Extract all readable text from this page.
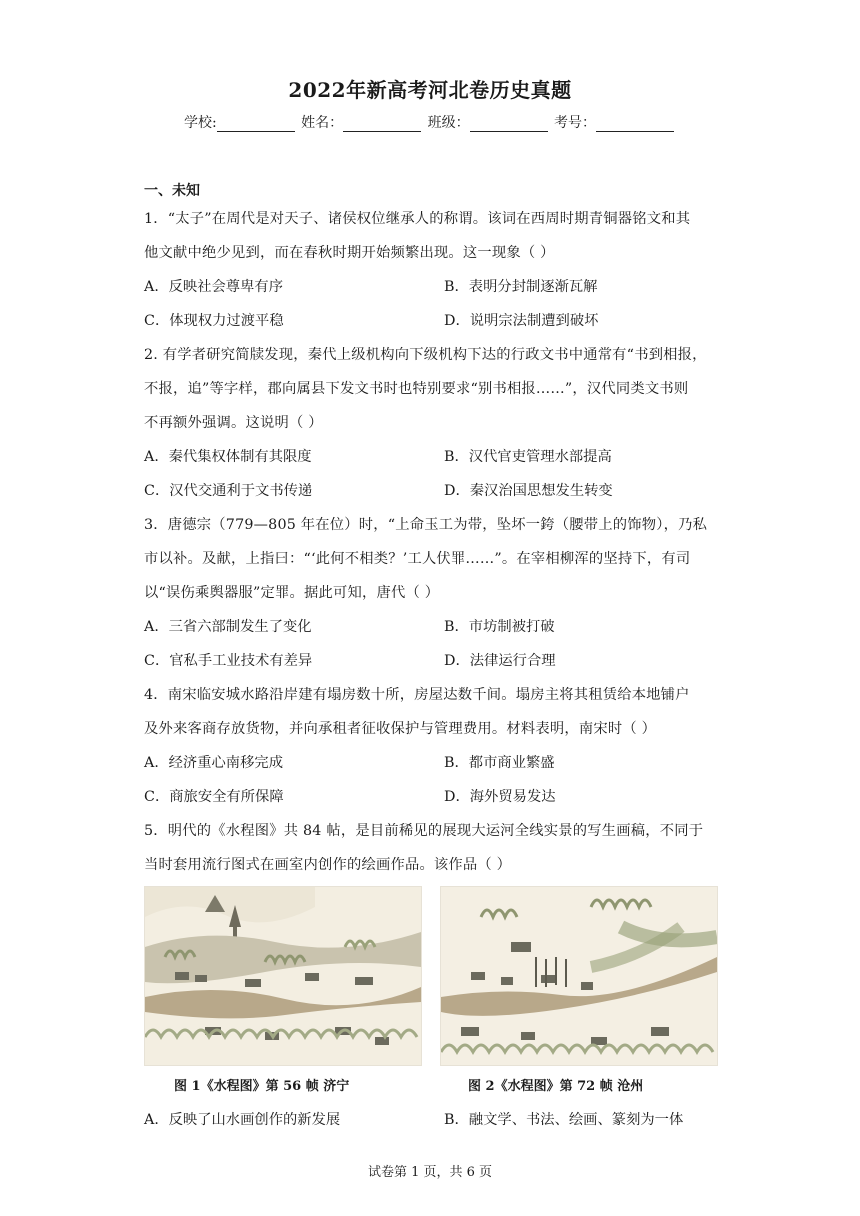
2022年新高考河北卷历史真题
学校:	姓名：	班级：	考号：
一、未知
1．“太子”在周代是对天子、诸侯权位继承人的称谓。该词在西周时期青铜器铭文和其
他文献中绝少见到，而在春秋时期开始频繁出现。这一现象（ ）
A．反映社会尊卑有序	B．表明分封制逐渐瓦解
C．体现权力过渡平稳	D．说明宗法制遭到破坏
2. 有学者研究简牍发现，秦代上级机构向下级机构下达的行政文书中通常有“书到相报，
不报，追”等字样，郡向属县下发文书时也特别要求“别书相报……”，汉代同类文书则
不再额外强调。这说明（ ）
A．秦代集权体制有其限度	B．汉代官吏管理水部提高
C．汉代交通利于文书传递	D．秦汉治国思想发生转变
3．唐德宗（779—805 年在位）时，“上命玉工为带，坠坏一銙（腰带上的饰物），乃私
市以补。及献，上指曰：“‘此何不相类？’工人伏罪……”。在宰相柳浑的坚持下，有司
以“误伤乘舆器服”定罪。据此可知，唐代（ ）
A．三省六部制发生了变化	B．市坊制被打破
C．官私手工业技术有差异	D．法律运行合理
4．南宋临安城水路沿岸建有塌房数十所，房屋达数千间。塌房主将其租赁给本地铺户
及外来客商存放货物，并向承租者征收保护与管理费用。材料表明，南宋时（ ）
A．经济重心南移完成	B．都市商业繁盛
C．商旅安全有所保障	D．海外贸易发达
5．明代的《水程图》共 84 帖，是目前稀见的展现大运河全线实景的写生画稿，不同于
当时套用流行图式在画室内创作的绘画作品。该作品（ ）
图 1《水程图》第 56 帧 济宁	图 2《水程图》第 72 帧 沧州
A．反映了山水画创作的新发展	B．融文学、书法、绘画、篆刻为一体
试卷第 1 页，共 6 页
